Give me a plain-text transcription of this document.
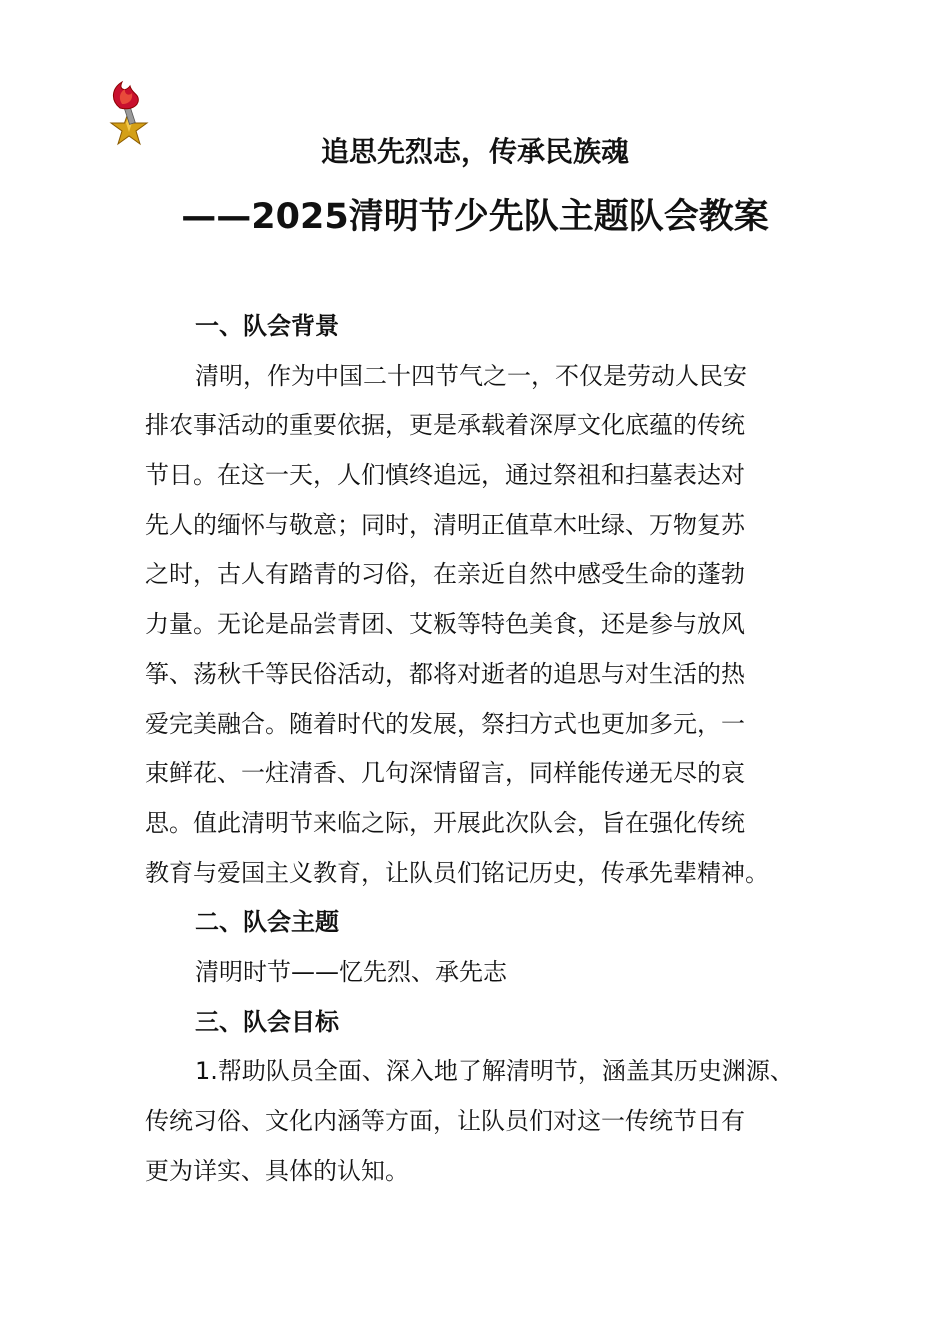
追思先烈志，传承民族魂
——2025清明节少先队主题队会教案
一、队会背景
清明，作为中国二十四节气之一，不仅是劳动人民安
排农事活动的重要依据，更是承载着深厚文化底蕴的传统
节日。在这一天，人们慎终追远，通过祭祖和扫墓表达对
先人的缅怀与敬意；同时，清明正值草木吐绿、万物复苏
之时，古人有踏青的习俗，在亲近自然中感受生命的蓬勃
力量。无论是品尝青团、艾粄等特色美食，还是参与放风
筝、荡秋千等民俗活动，都将对逝者的追思与对生活的热
爱完美融合。随着时代的发展，祭扫方式也更加多元，一
束鲜花、一炷清香、几句深情留言，同样能传递无尽的哀
思。值此清明节来临之际，开展此次队会，旨在强化传统
教育与爱国主义教育，让队员们铭记历史，传承先辈精神。
二、队会主题
清明时节——忆先烈、承先志
三、队会目标
1.帮助队员全面、深入地了解清明节，涵盖其历史渊源、
传统习俗、文化内涵等方面，让队员们对这一传统节日有
更为详实、具体的认知。
